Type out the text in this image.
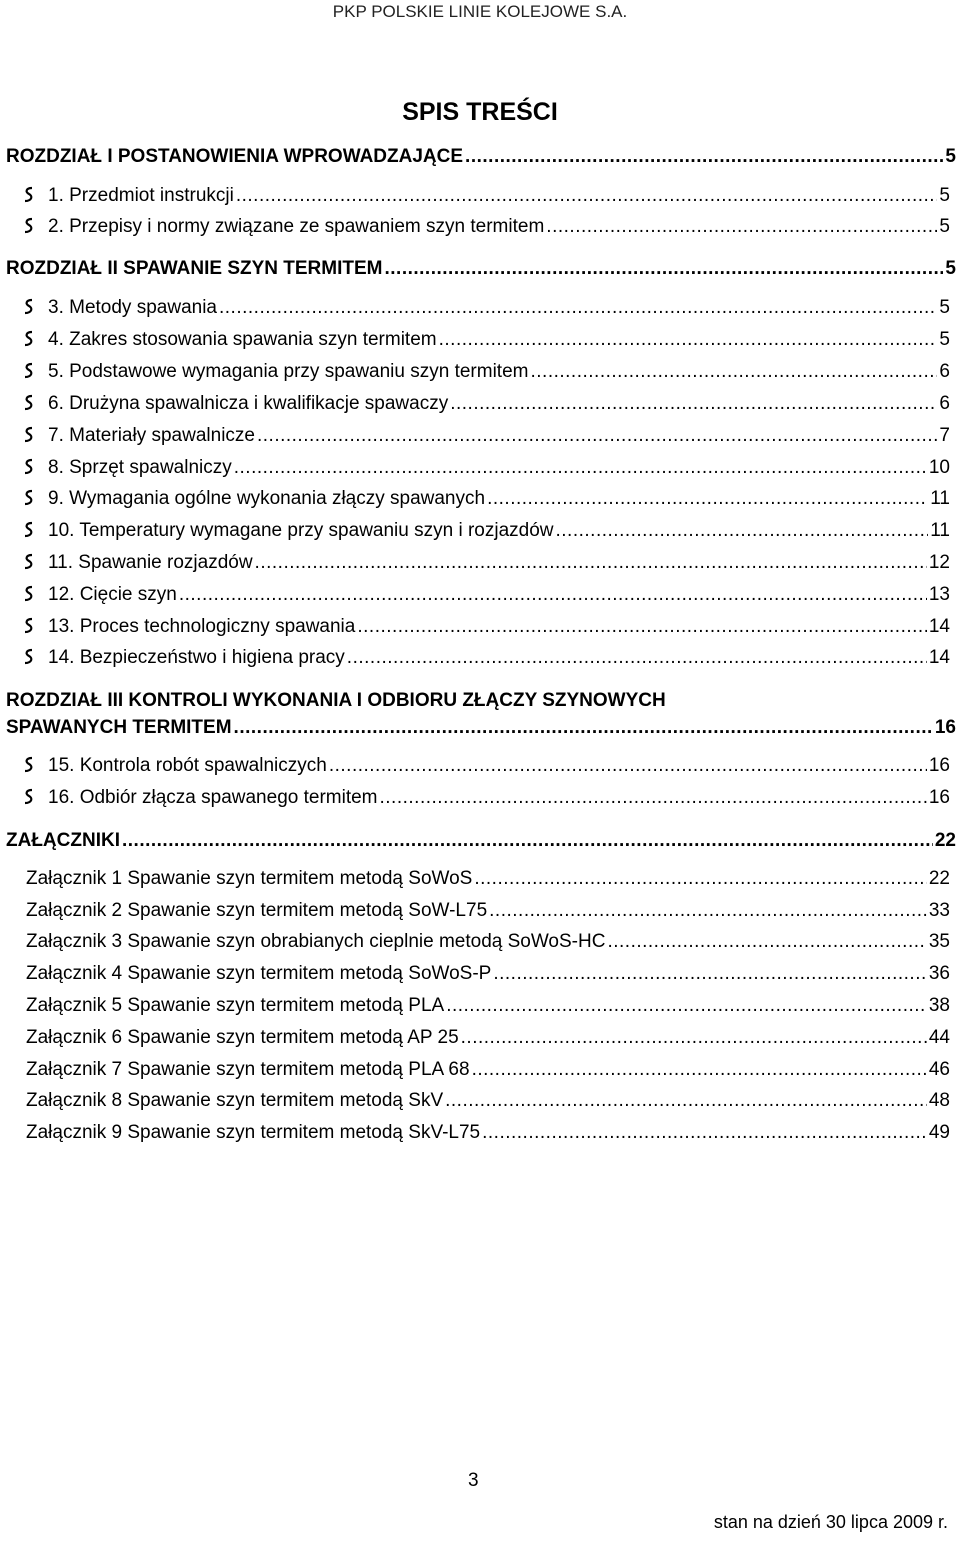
PKP POLSKIE LINIE KOLEJOWE S.A.
SPIS TREŚCI
ROZDZIAŁ I POSTANOWIENIA WPROWADZAJĄCE .....	5
1. Przedmiot instrukcji .....	5
2. Przepisy i normy związane ze spawaniem szyn termitem .....	5
ROZDZIAŁ II SPAWANIE SZYN TERMITEM .....	5
3. Metody spawania .....	5
4. Zakres stosowania spawania szyn termitem .....	5
5. Podstawowe wymagania przy spawaniu szyn termitem .....	6
6. Drużyna spawalnicza i kwalifikacje spawaczy .....	6
7. Materiały spawalnicze .....	7
8. Sprzęt spawalniczy .....	10
9. Wymagania ogólne wykonania złączy spawanych .....	11
10. Temperatury wymagane przy spawaniu szyn i rozjazdów .....	11
11. Spawanie rozjazdów .....	12
12. Cięcie szyn .....	13
13. Proces technologiczny spawania .....	14
14. Bezpieczeństwo i higiena pracy .....	14
ROZDZIAŁ III KONTROLI WYKONANIA I ODBIORU ZŁĄCZY SZYNOWYCH
SPAWANYCH TERMITEM .....	16
15. Kontrola robót spawalniczych .....	16
16. Odbiór złącza spawanego termitem .....	16
ZAŁĄCZNIKI .....	22
Załącznik 1 Spawanie szyn termitem metodą SoWoS .....	22
Załącznik 2 Spawanie szyn termitem metodą SoW-L75 .....	33
Załącznik 3 Spawanie szyn obrabianych cieplnie metodą SoWoS-HC .....	35
Załącznik 4 Spawanie szyn termitem metodą SoWoS-P .....	36
Załącznik 5 Spawanie szyn termitem metodą PLA .....	38
Załącznik 6 Spawanie szyn termitem metodą AP 25 .....	44
Załącznik 7 Spawanie szyn termitem metodą PLA 68 .....	46
Załącznik 8 Spawanie szyn termitem metodą SkV .....	48
Załącznik 9 Spawanie szyn termitem metodą SkV-L75 .....	49
3
stan na dzień 30 lipca 2009 r.
